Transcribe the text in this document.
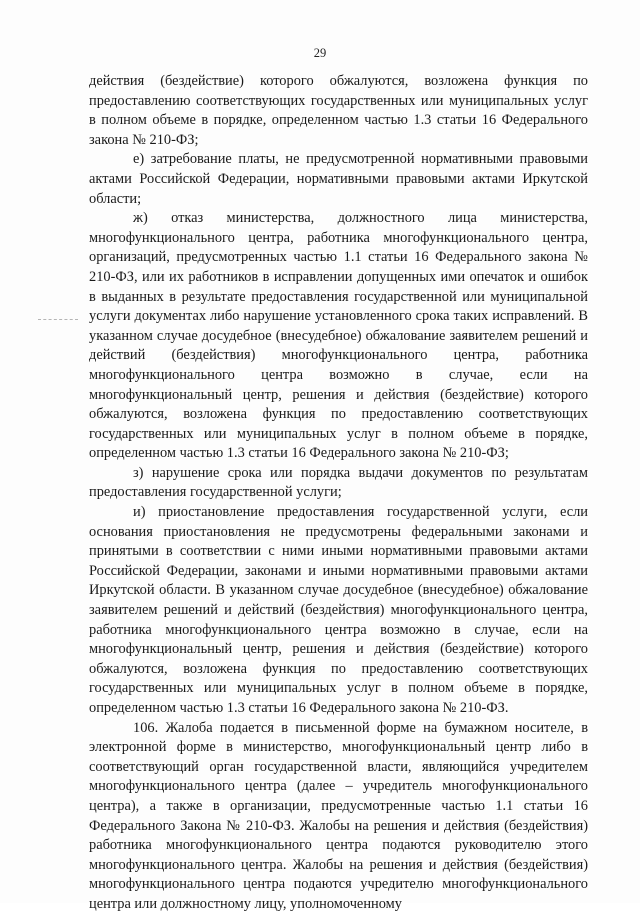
29

действия (бездействие) которого обжалуются, возложена функция по предоставлению соответствующих государственных или муниципальных услуг в полном объеме в порядке, определенном частью 1.3 статьи 16 Федерального закона № 210-ФЗ;

е) затребование платы, не предусмотренной нормативными правовыми актами Российской Федерации, нормативными правовыми актами Иркутской области;

ж) отказ министерства, должностного лица министерства, многофункционального центра, работника многофункционального центра, организаций, предусмотренных частью 1.1 статьи 16 Федерального закона № 210-ФЗ, или их работников в исправлении допущенных ими опечаток и ошибок в выданных в результате предоставления государственной или муниципальной услуги документах либо нарушение установленного срока таких исправлений. В указанном случае досудебное (внесудебное) обжалование заявителем решений и действий (бездействия) многофункционального центра, работника многофункционального центра возможно в случае, если на многофункциональный центр, решения и действия (бездействие) которого обжалуются, возложена функция по предоставлению соответствующих государственных или муниципальных услуг в полном объеме в порядке, определенном частью 1.3 статьи 16 Федерального закона № 210-ФЗ;

з) нарушение срока или порядка выдачи документов по результатам предоставления государственной услуги;

и) приостановление предоставления государственной услуги, если основания приостановления не предусмотрены федеральными законами и принятыми в соответствии с ними иными нормативными правовыми актами Российской Федерации, законами и иными нормативными правовыми актами Иркутской области. В указанном случае досудебное (внесудебное) обжалование заявителем решений и действий (бездействия) многофункционального центра, работника многофункционального центра возможно в случае, если на многофункциональный центр, решения и действия (бездействие) которого обжалуются, возложена функция по предоставлению соответствующих государственных или муниципальных услуг в полном объеме в порядке, определенном частью 1.3 статьи 16 Федерального закона № 210-ФЗ.

106. Жалоба подается в письменной форме на бумажном носителе, в электронной форме в министерство, многофункциональный центр либо в соответствующий орган государственной власти, являющийся учредителем многофункционального центра (далее – учредитель многофункционального центра), а также в организации, предусмотренные частью 1.1 статьи 16 Федерального Закона № 210-ФЗ. Жалобы на решения и действия (бездействия) работника многофункционального центра подаются руководителю этого многофункционального центра. Жалобы на решения и действия (бездействия) многофункционального центра подаются учредителю многофункционального центра или должностному лицу, уполномоченному
